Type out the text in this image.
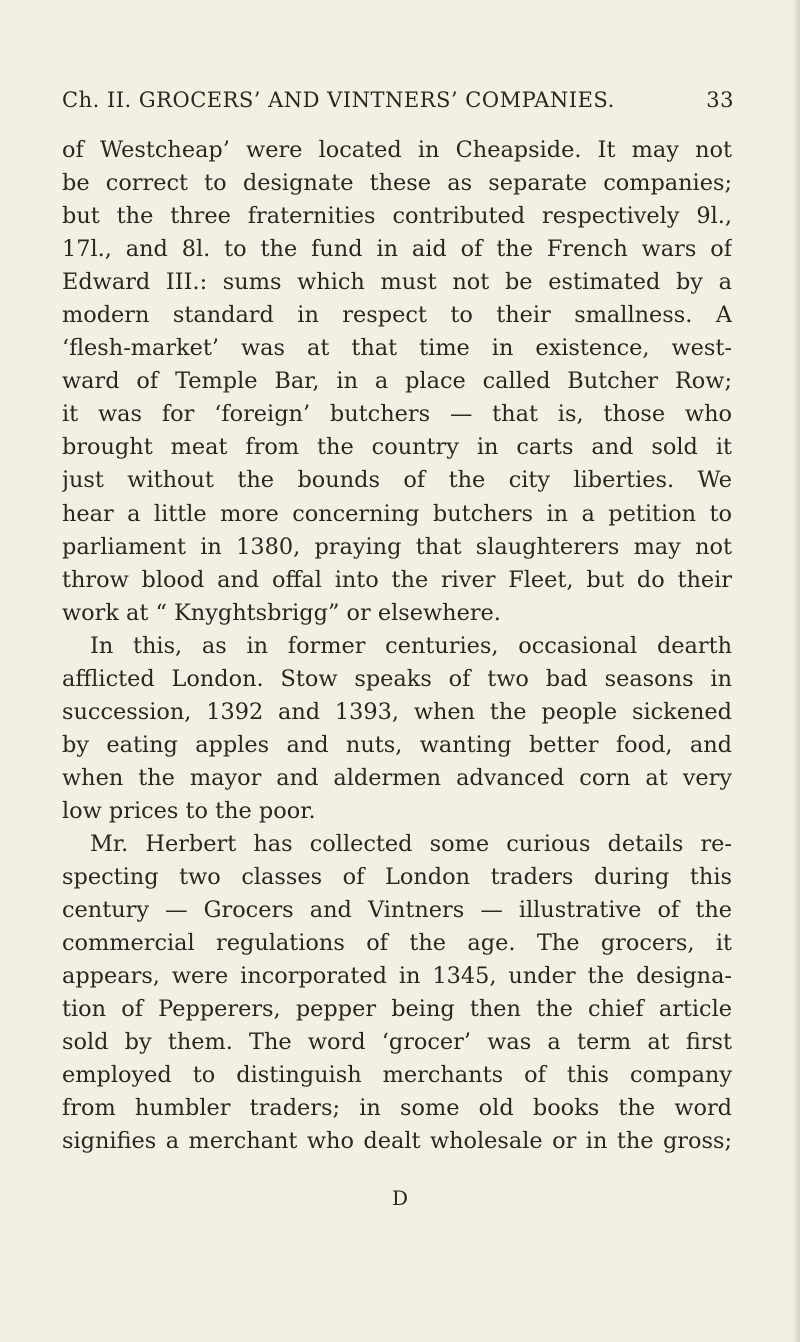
Ch. II. GROCERS’ AND VINTNERS’ COMPANIES.	33
of Westcheap’ were located in Cheapside. It may not
be correct to designate these as separate companies;
but the three fraternities contributed respectively 9l.,
17l., and 8l. to the fund in aid of the French wars of
Edward III.: sums which must not be estimated by a
modern standard in respect to their smallness. A
‘flesh-market’ was at that time in existence, west-
ward of Temple Bar, in a place called Butcher Row;
it was for ‘foreign’ butchers — that is, those who
brought meat from the country in carts and sold it
just without the bounds of the city liberties. We
hear a little more concerning butchers in a petition to
parliament in 1380, praying that slaughterers may not
throw blood and offal into the river Fleet, but do their
work at “ Knyghtsbrigg” or elsewhere.
In this, as in former centuries, occasional dearth
afflicted London. Stow speaks of two bad seasons in
succession, 1392 and 1393, when the people sickened
by eating apples and nuts, wanting better food, and
when the mayor and aldermen advanced corn at very
low prices to the poor.
Mr. Herbert has collected some curious details re-
specting two classes of London traders during this
century — Grocers and Vintners — illustrative of the
commercial regulations of the age. The grocers, it
appears, were incorporated in 1345, under the designa-
tion of Pepperers, pepper being then the chief article
sold by them. The word ‘grocer’ was a term at first
employed to distinguish merchants of this company
from humbler traders; in some old books the word
signifies a merchant who dealt wholesale or in the gross;
D
